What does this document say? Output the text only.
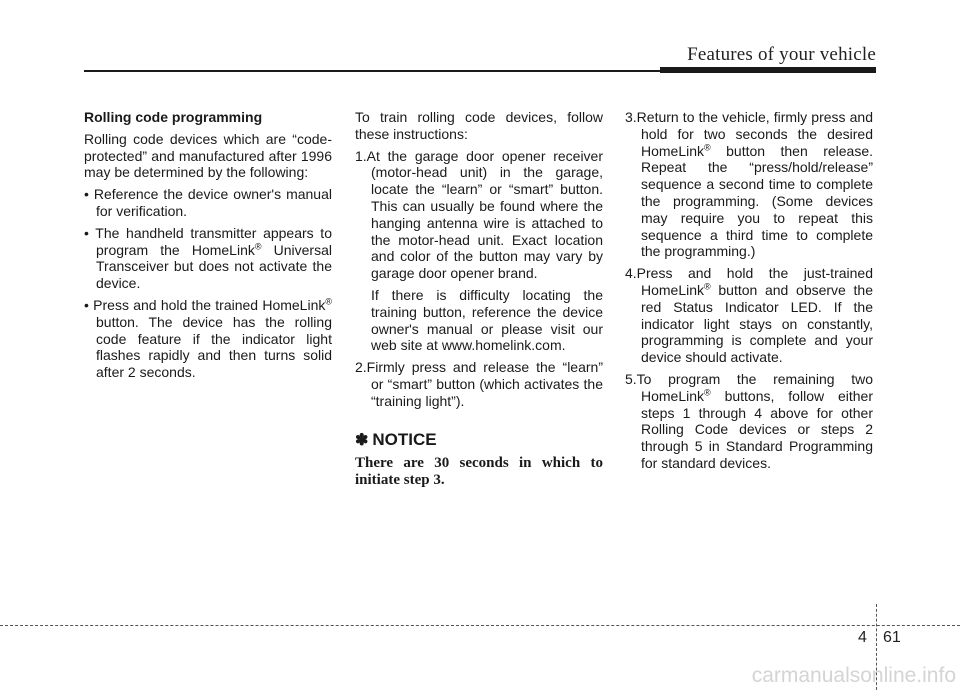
Features of your vehicle
Rolling code programming

Rolling code devices which are “code-protected” and manufactured after 1996 may be determined by the following:

• Reference the device owner's manual for verification.

• The handheld transmitter appears to program the HomeLink® Universal Transceiver but does not activate the device.

• Press and hold the trained HomeLink® button. The device has the rolling code feature if the indicator light flashes rapidly and then turns solid after 2 seconds.

To train rolling code devices, follow these instructions:

1.At the garage door opener receiver (motor-head unit) in the garage, locate the “learn” or “smart” button. This can usually be found where the hanging antenna wire is attached to the motor-head unit. Exact location and color of the button may vary by garage door opener brand.

If there is difficulty locating the training button, reference the device owner's manual or please visit our web site at www.homelink.com.

2.Firmly press and release the “learn” or “smart” button (which activates the “training light”).

✽ NOTICE

There are 30 seconds in which to initiate step 3.

3.Return to the vehicle, firmly press and hold for two seconds the desired HomeLink® button then release. Repeat the “press/hold/release” sequence a second time to complete the programming. (Some devices may require you to repeat this sequence a third time to complete the programming.)

4.Press and hold the just-trained HomeLink® button and observe the red Status Indicator LED. If the indicator light stays on constantly, programming is complete and your device should activate.

5.To program the remaining two HomeLink® buttons, follow either steps 1 through 4 above for other Rolling Code devices or steps 2 through 5 in Standard Programming for standard devices.

4 61
carmanualsonline.info
